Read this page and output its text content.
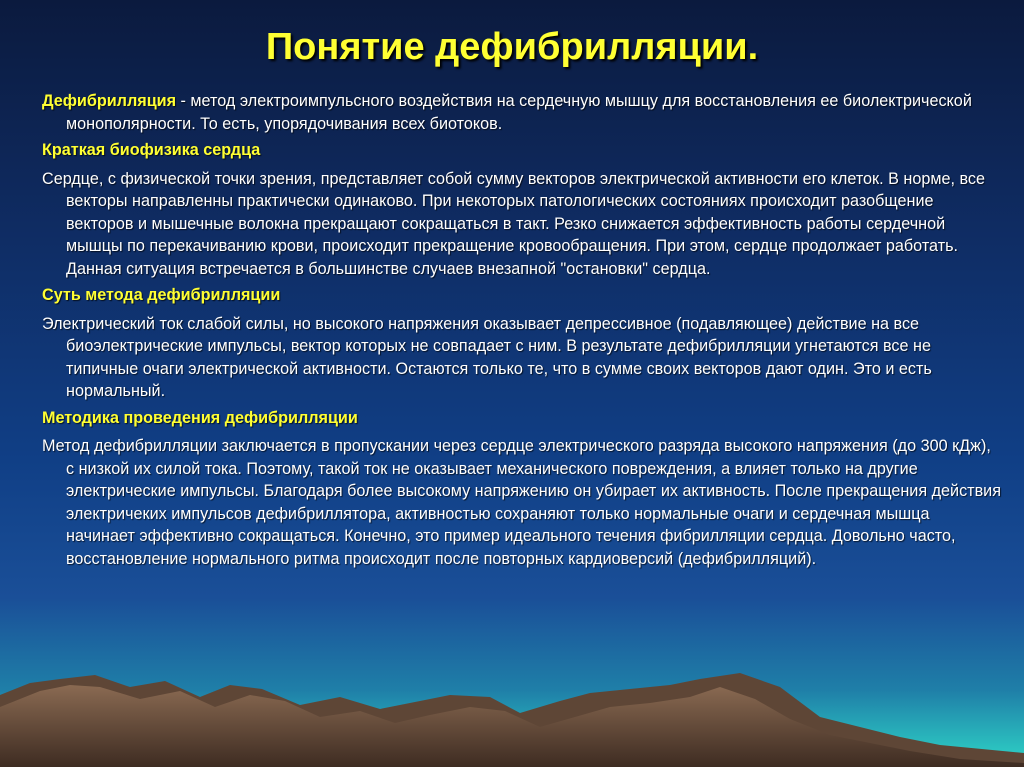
Понятие дефибрилляции.
Дефибрилляция - метод электроимпульсного воздействия на сердечную мышцу для восстановления ее биолектрической монополярности. То есть, упорядочивания всех биотоков.
Краткая биофизика сердца
Сердце, с физической точки зрения, представляет собой сумму векторов электрической активности его клеток. В норме, все векторы направленны практически одинаково. При некоторых патологических состояниях происходит разобщение векторов и мышечные волокна прекращают сокращаться в такт. Резко снижается эффективность работы сердечной мышцы по перекачиванию крови, происходит прекращение кровообращения. При этом, сердце продолжает работать. Данная ситуация встречается в большинстве случаев внезапной "остановки" сердца.
Суть метода дефибрилляции
Электрический ток слабой силы, но высокого напряжения оказывает депрессивное (подавляющее) действие на все биоэлектрические импульсы, вектор которых не совпадает с ним. В результате дефибрилляции угнетаются все не типичные очаги электрической активности. Остаются только те, что в сумме своих векторов дают один. Это и есть нормальный.
Методика проведения дефибрилляции
Метод дефибрилляции заключается в пропускании через сердце электрического разряда высокого напряжения (до 300 кДж), с низкой их силой тока. Поэтому, такой ток не оказывает механического повреждения, а влияет только на другие электрические импульсы. Благодаря более высокому напряжению он убирает их активность. После прекращения действия электричеких импульсов дефибриллятора, активностью сохраняют только нормальные очаги и сердечная мышца начинает эффективно сокращаться. Конечно, это пример идеального течения фибрилляции сердца. Довольно часто, восстановление нормального ритма происходит после повторных кардиоверсий (дефибрилляций).
